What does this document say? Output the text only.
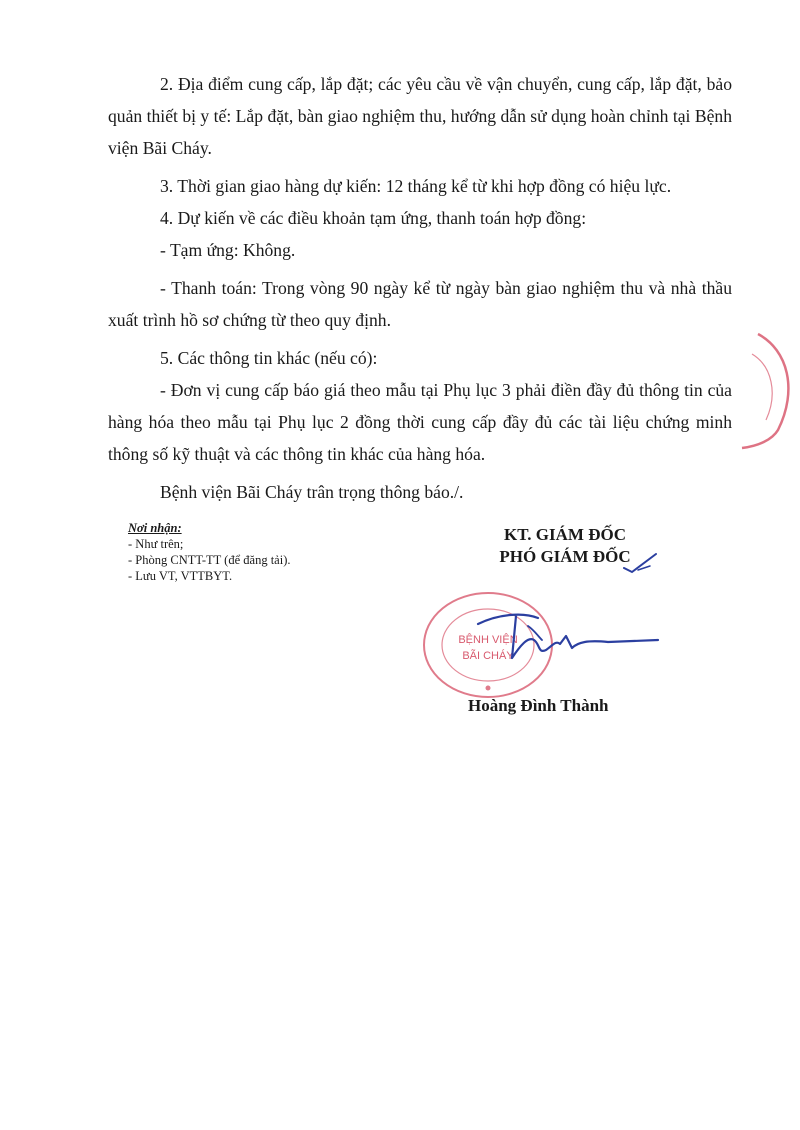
2. Địa điểm cung cấp, lắp đặt; các yêu cầu về vận chuyển, cung cấp, lắp đặt, bảo quản thiết bị y tế: Lắp đặt, bàn giao nghiệm thu, hướng dẫn sử dụng hoàn chỉnh tại Bệnh viện Bãi Cháy.

3. Thời gian giao hàng dự kiến: 12 tháng kể từ khi hợp đồng có hiệu lực.

4. Dự kiến về các điều khoản tạm ứng, thanh toán hợp đồng:

- Tạm ứng: Không.

- Thanh toán: Trong vòng 90 ngày kể từ ngày bàn giao nghiệm thu và nhà thầu xuất trình hồ sơ chứng từ theo quy định.

5. Các thông tin khác (nếu có):

- Đơn vị cung cấp báo giá theo mẫu tại Phụ lục 3 phải điền đầy đủ thông tin của hàng hóa theo mẫu tại Phụ lục 2 đồng thời cung cấp đầy đủ các tài liệu chứng minh thông số kỹ thuật và các thông tin khác của hàng hóa.

Bệnh viện Bãi Cháy trân trọng thông báo./.

Nơi nhận:
- Như trên;
- Phòng CNTT-TT (để đăng tải).
- Lưu VT, VTTBYT.
KT. GIÁM ĐỐC
PHÓ GIÁM ĐỐC
BỆNH VIỆN
BÃI CHÁY
Hoàng Đình Thành
